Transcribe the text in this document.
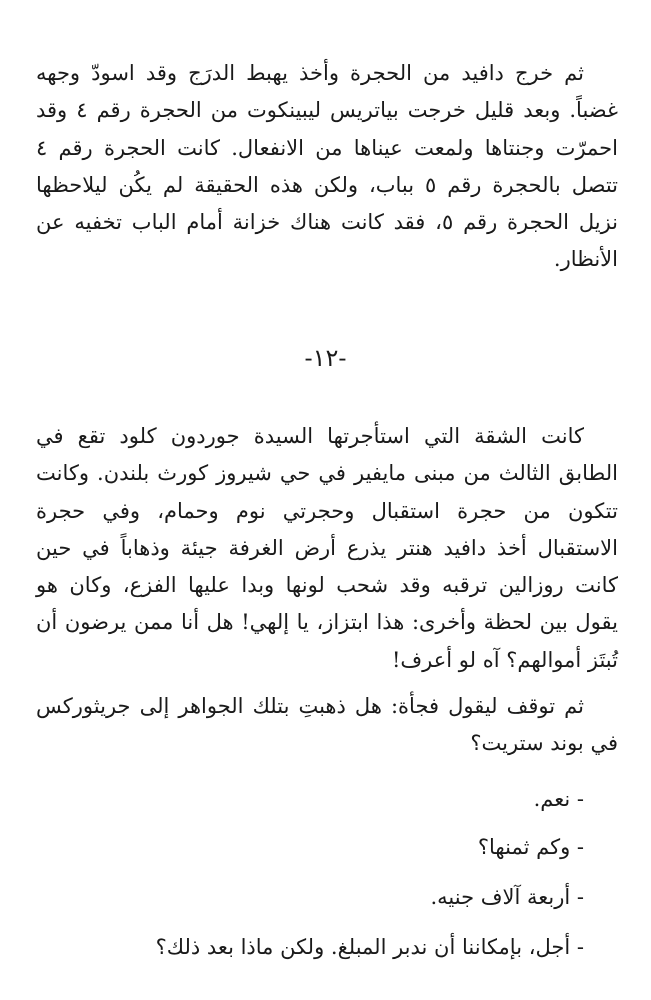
ثم خرج دافيد من الحجرة وأخذ يهبط الدرَج وقد اسودّ وجهه غضباً. وبعد قليل خرجت بياتريس ليبينكوت من الحجرة رقم ٤ وقد احمرّت وجنتاها ولمعت عيناها من الانفعال. كانت الحجرة رقم ٤ تتصل بالحجرة رقم ٥ بباب، ولكن هذه الحقيقة لم يكُن ليلاحظها نزيل الحجرة رقم ٥، فقد كانت هناك خزانة أمام الباب تخفيه عن الأنظار.

-١٢-

كانت الشقة التي استأجرتها السيدة جوردون كلود تقع في الطابق الثالث من مبنى مايفير في حي شيروز كورث بلندن. وكانت تتكون من حجرة استقبال وحجرتي نوم وحمام، وفي حجرة الاستقبال أخذ دافيد هنتر يذرع أرض الغرفة جيئة وذهاباً في حين كانت روزالين ترقبه وقد شحب لونها وبدا عليها الفزع، وكان هو يقول بين لحظة وأخرى: هذا ابتزاز، يا إلهي! هل أنا ممن يرضون أن تُبتَز أموالهم؟ آه لو أعرف!

ثم توقف ليقول فجأة: هل ذهبتِ بتلك الجواهر إلى جريثوركس في بوند ستريت؟

- نعم.

- وكم ثمنها؟

- أربعة آلاف جنيه.

- أجل، بإمكاننا أن ندبر المبلغ. ولكن ماذا بعد ذلك؟
